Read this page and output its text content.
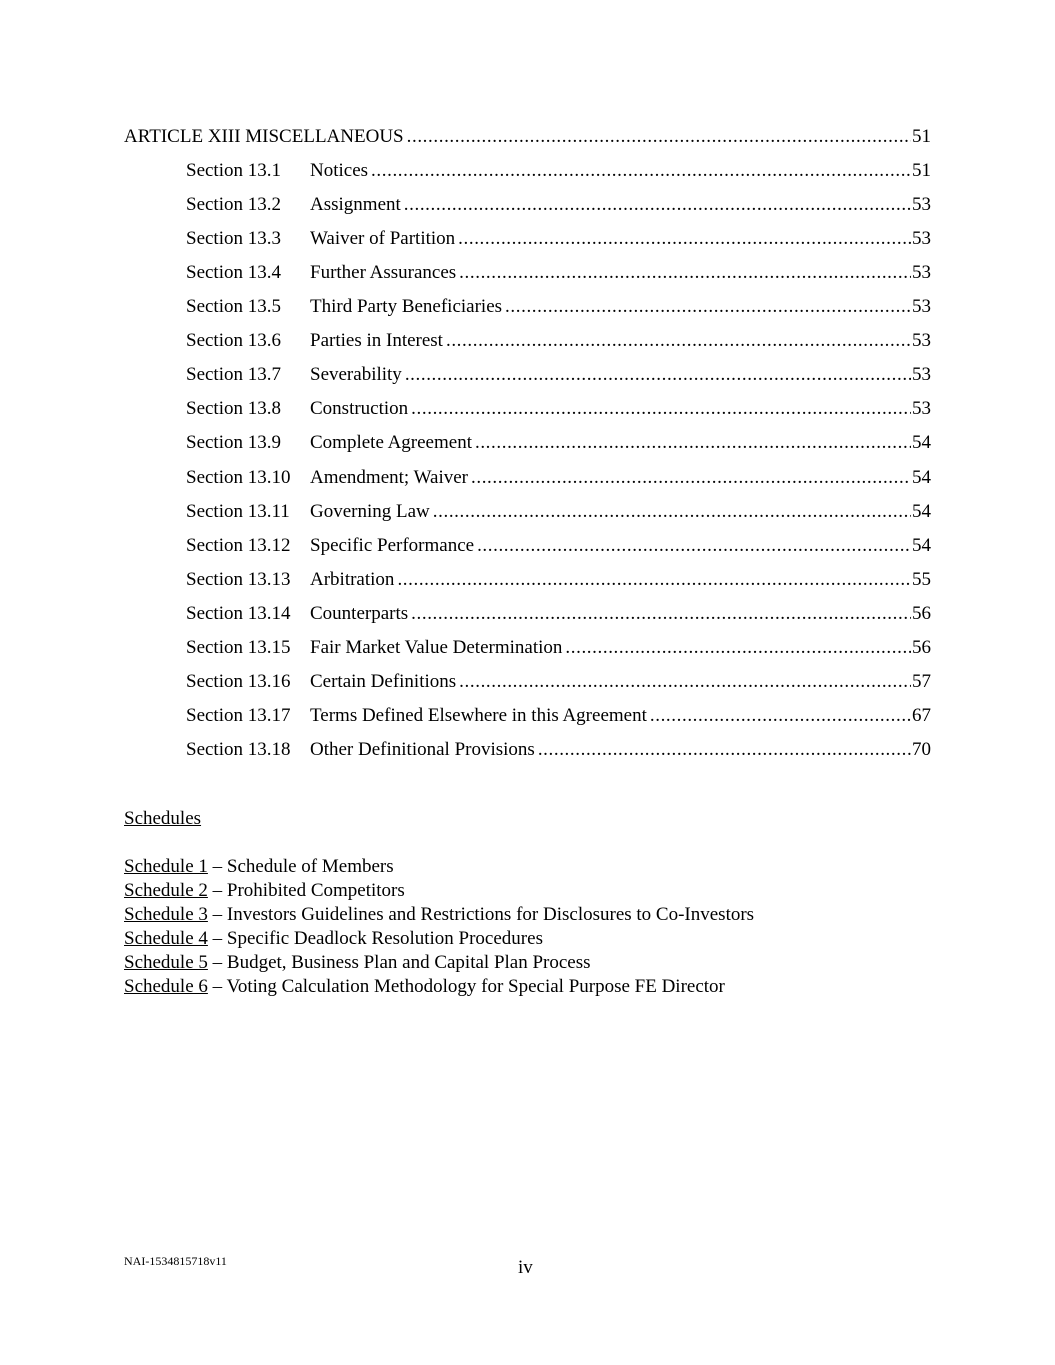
ARTICLE XIII MISCELLANEOUS .....	51
Section 13.1	Notices .....	51
Section 13.2	Assignment .....	53
Section 13.3	Waiver of Partition .....	53
Section 13.4	Further Assurances .....	53
Section 13.5	Third Party Beneficiaries .....	53
Section 13.6	Parties in Interest .....	53
Section 13.7	Severability .....	53
Section 13.8	Construction .....	53
Section 13.9	Complete Agreement .....	54
Section 13.10	Amendment; Waiver .....	54
Section 13.11	Governing Law .....	54
Section 13.12	Specific Performance .....	54
Section 13.13	Arbitration .....	55
Section 13.14	Counterparts .....	56
Section 13.15	Fair Market Value Determination .....	56
Section 13.16	Certain Definitions .....	57
Section 13.17	Terms Defined Elsewhere in this Agreement .....	67
Section 13.18	Other Definitional Provisions .....	70
Schedules
Schedule 1 – Schedule of Members
Schedule 2 – Prohibited Competitors
Schedule 3 – Investors Guidelines and Restrictions for Disclosures to Co-Investors
Schedule 4 – Specific Deadlock Resolution Procedures
Schedule 5 – Budget, Business Plan and Capital Plan Process
Schedule 6 – Voting Calculation Methodology for Special Purpose FE Director
NAI-1534815718v11	iv
